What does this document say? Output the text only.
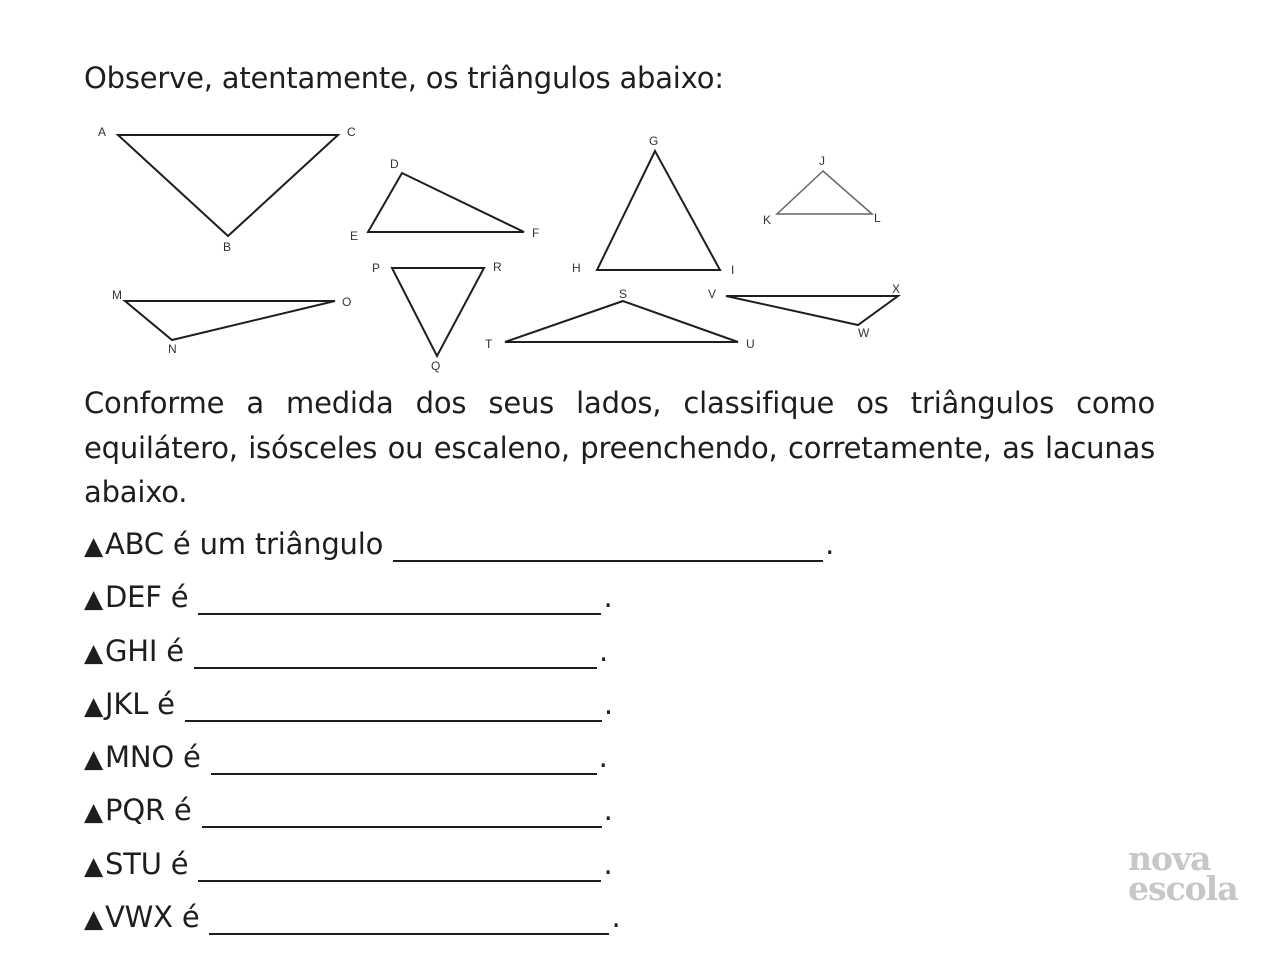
Observe, atentamente, os triângulos abaixo:

A
B
C
D
E	F
G
H	I
J
K	L
M
N
O
P
Q
R
S
T	U
V
W
X

Conforme a medida dos seus lados, classifique os triângulos como equilátero, isósceles ou escaleno, preenchendo, corretamente, as lacunas abaixo.

▲ ABC é um triângulo	.
▲ DEF é	.
▲ GHI é	.
▲ JKL é	.
▲ MNO é	.
▲ PQR é	.
▲ STU é	.
▲ VWX é	.
nova
escola
